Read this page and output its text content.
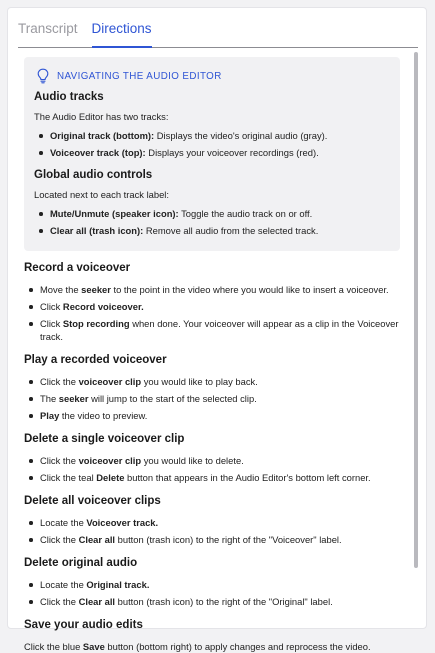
Transcript Directions
NAVIGATING THE AUDIO EDITOR
Audio tracks

The Audio Editor has two tracks:

Original track (bottom): Displays the video's original audio (gray).
Voiceover track (top): Displays your voiceover recordings (red).
Global audio controls

Located next to each track label:

Mute/Unmute (speaker icon): Toggle the audio track on or off.
Clear all (trash icon): Remove all audio from the selected track.
Record a voiceover
Move the seeker to the point in the video where you would like to insert a voiceover.
Click Record voiceover.
Click Stop recording when done. Your voiceover will appear as a clip in the Voiceover track.
Play a recorded voiceover
Click the voiceover clip you would like to play back.
The seeker will jump to the start of the selected clip.
Play the video to preview.
Delete a single voiceover clip
Click the voiceover clip you would like to delete.
Click the teal Delete button that appears in the Audio Editor's bottom left corner.
Delete all voiceover clips
Locate the Voiceover track.
Click the Clear all button (trash icon) to the right of the "Voiceover" label.
Delete original audio
Locate the Original track.
Click the Clear all button (trash icon) to the right of the "Original" label.
Save your audio edits

Click the blue Save button (bottom right) to apply changes and reprocess the video.
